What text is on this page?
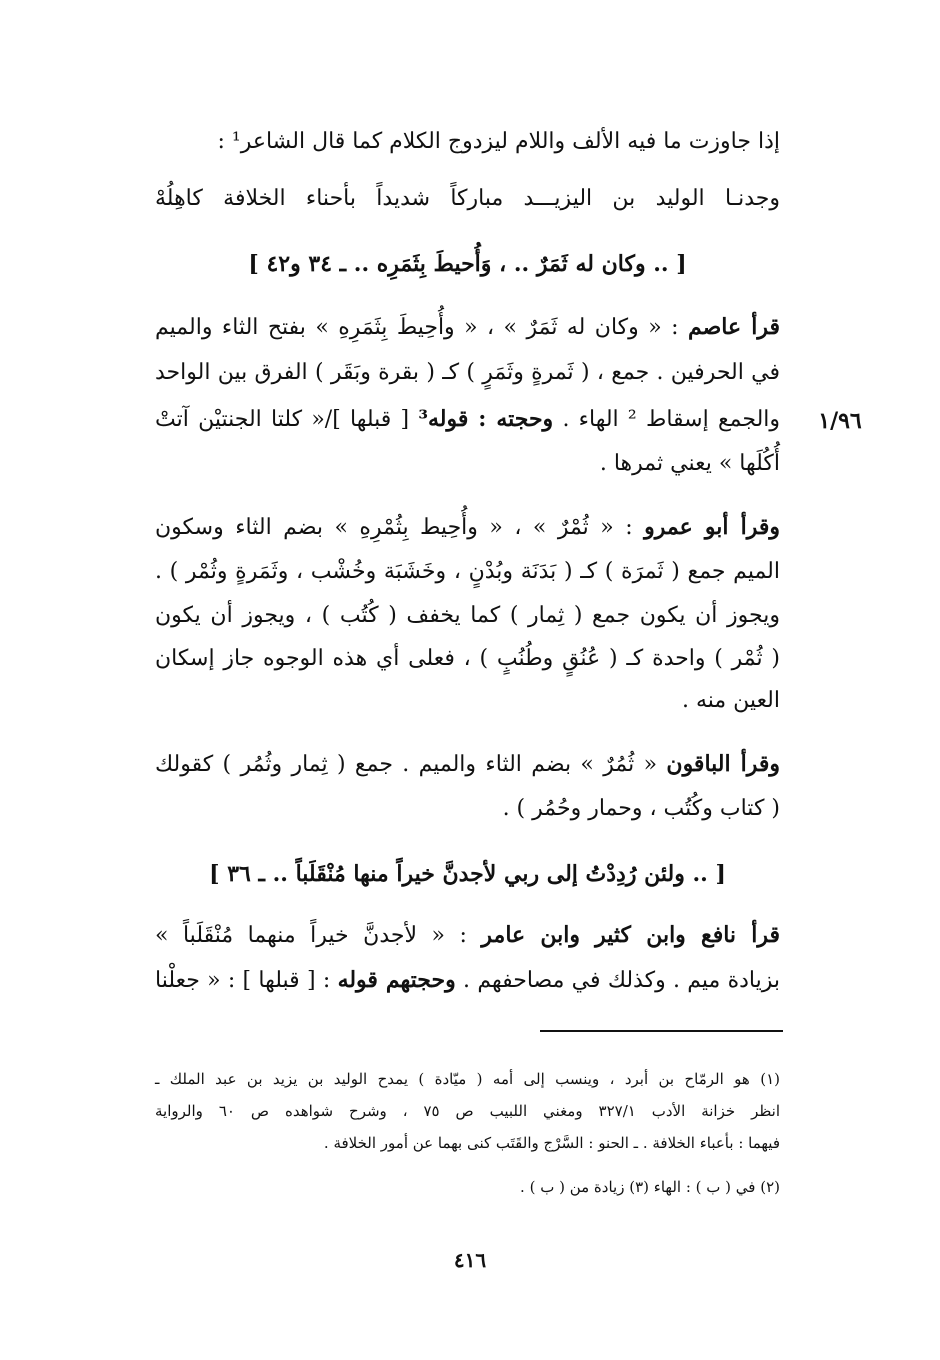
إذا جاوزت ما فيه الألف واللام ليزدوج الكلام كما قال الشاعر¹ :
وجدنـا الوليد بن اليزيـــد مباركاً شديداً بأحناء الخلافة كاهِلُهْ
[ .. وكان له ثَمَرٌ .. ، وَأُحيطَ بِثَمَرِه .. ـ ٣٤ و٤٢ ]
قرأ عاصم : « وكان له ثَمَرٌ » ، « وأُحِيطَ بِثَمَرِهِ » بفتح الثاء والميم
في الحرفين . جمع ، ( ثَمرةٍ وثَمَرٍ ) كـ ( بقرة وبَقَر ) الفرق بين الواحد
والجمع إسقاط ² الهاء . وحجته : قوله³ [ قبلها ]/« كلتا الجنتيْن آتتْ
أُكُلَها » يعني ثمرها .
١/٩٦
وقرأ أبو عمرو : « ثُمْرٌ » ، « وأُحِيط بِثُمْرِهِ » بضم الثاء وسكون
الميم جمع ( ثَمرَة ) كـ ( بَدَنَة وبُدْنٍ ، وخَشَبَة وخُشْب ، وثَمَرةٍ وثُمْر ) .
ويجوز أن يكون جمع ( ثِمار ) كما يخفف ( كُتُب ) ، ويجوز أن يكون
( ثُمْر ) واحدة كـ ( عُنُقٍ وطُنُبٍ ) ، فعلى أي هذه الوجوه جاز إسكان
العين منه .
وقرأ الباقون « ثُمُرٌ » بضم الثاء والميم . جمع ( ثِمار وثُمُر ) كقولك
( كتاب وكُتُب ، وحمار وحُمُر ) .
[ .. ولئن رُدِدْتُ إلى ربي لأجدنَّ خيراً منها مُنْقَلَباً .. ـ ٣٦ ]
قرأ نافع وابن كثير وابن عامر : « لأجدنَّ خيراً منهما مُنْقَلَباً »
بزيادة ميم . وكذلك في مصاحفهم . وحجتهم قوله : [ قبلها ] : « جعلْنا
(١) هو الرمّاح بن أبرد ، وينسب إلى أمه ( ميّادة ) يمدح الوليد بن يزيد بن عبد الملك ـ
انظر خزانة الأدب ٣٢٧/١ ومغني اللبيب ص ٧٥ ، وشرح شواهده ص ٦٠ والرواية
فيهما : بأعباء الخلافة . ـ الحنو : السَّرْج والقَتَب كنى بهما عن أمور الخلافة .
(٢) في ( ب ) : الهاء (٣) زيادة من ( ب ) .
٤١٦
